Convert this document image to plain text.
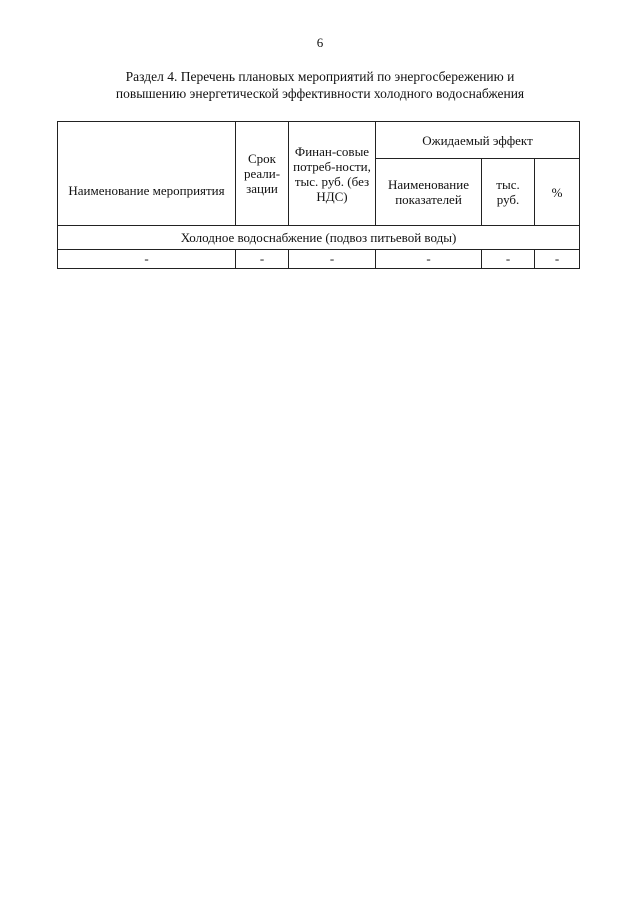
6
Раздел 4. Перечень плановых мероприятий по энергосбережению и
повышению энергетической эффективности холодного водоснабжения
Наименование мероприятия	Срок реали-зации	Финан-совые потреб-ности, тыс. руб. (без НДС)	Ожидаемый эффект		
			Наименование показателей	тыс. руб.	%
Холодное водоснабжение (подвоз питьевой воды)					
-	-	-	-	-	-
